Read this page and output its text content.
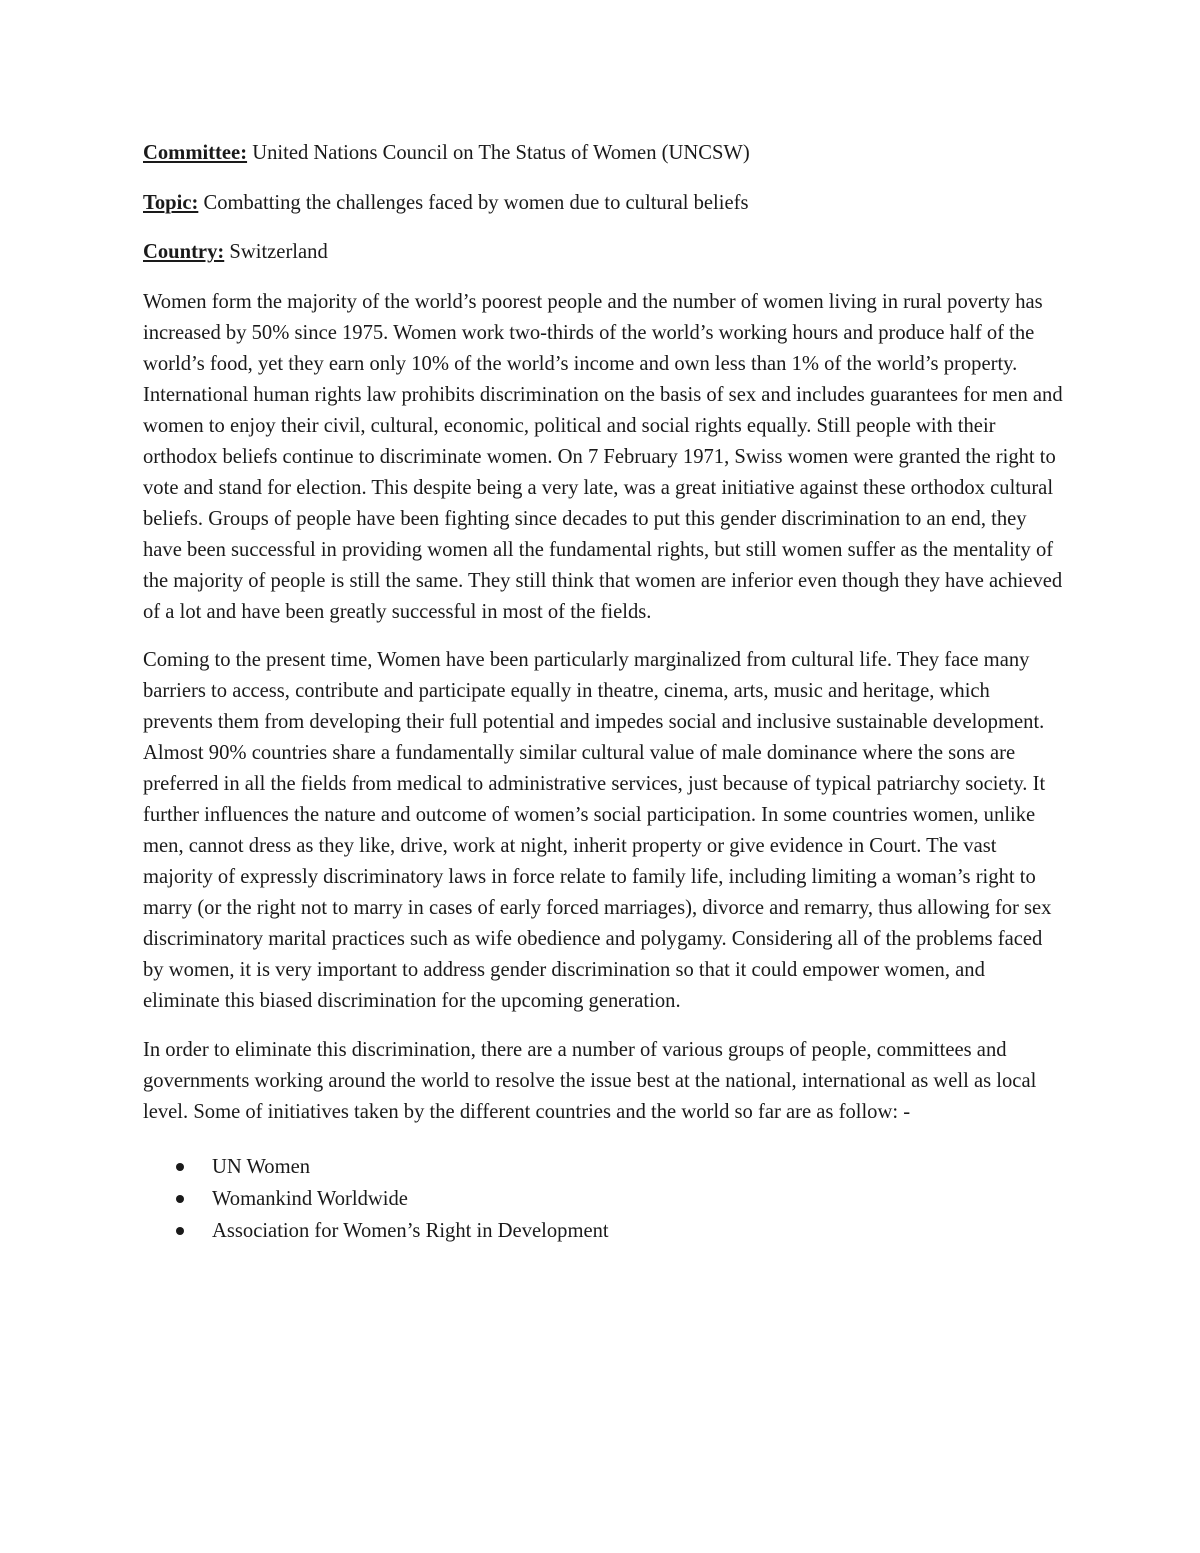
Committee: United Nations Council on The Status of Women (UNCSW)

Topic: Combatting the challenges faced by women due to cultural beliefs

Country: Switzerland

Women form the majority of the world’s poorest people and the number of women living in rural poverty has increased by 50% since 1975. Women work two-thirds of the world’s working hours and produce half of the world’s food, yet they earn only 10% of the world’s income and own less than 1% of the world’s property. International human rights law prohibits discrimination on the basis of sex and includes guarantees for men and women to enjoy their civil, cultural, economic, political and social rights equally. Still people with their orthodox beliefs continue to discriminate women. On 7 February 1971, Swiss women were granted the right to vote and stand for election. This despite being a very late, was a great initiative against these orthodox cultural beliefs. Groups of people have been fighting since decades to put this gender discrimination to an end, they have been successful in providing women all the fundamental rights, but still women suffer as the mentality of the majority of people is still the same. They still think that women are inferior even though they have achieved of a lot and have been greatly successful in most of the fields.

Coming to the present time, Women have been particularly marginalized from cultural life. They face many barriers to access, contribute and participate equally in theatre, cinema, arts, music and heritage, which prevents them from developing their full potential and impedes social and inclusive sustainable development. Almost 90% countries share a fundamentally similar cultural value of male dominance where the sons are preferred in all the fields from medical to administrative services, just because of typical patriarchy society. It further influences the nature and outcome of women’s social participation. In some countries women, unlike men, cannot dress as they like, drive, work at night, inherit property or give evidence in Court. The vast majority of expressly discriminatory laws in force relate to family life, including limiting a woman’s right to marry (or the right not to marry in cases of early forced marriages), divorce and remarry, thus allowing for sex discriminatory marital practices such as wife obedience and polygamy. Considering all of the problems faced by women, it is very important to address gender discrimination so that it could empower women, and eliminate this biased discrimination for the upcoming generation.

In order to eliminate this discrimination, there are a number of various groups of people, committees and governments working around the world to resolve the issue best at the national, international as well as local level. Some of initiatives taken by the different countries and the world so far are as follow: -

UN Women
Womankind Worldwide
Association for Women’s Right in Development
